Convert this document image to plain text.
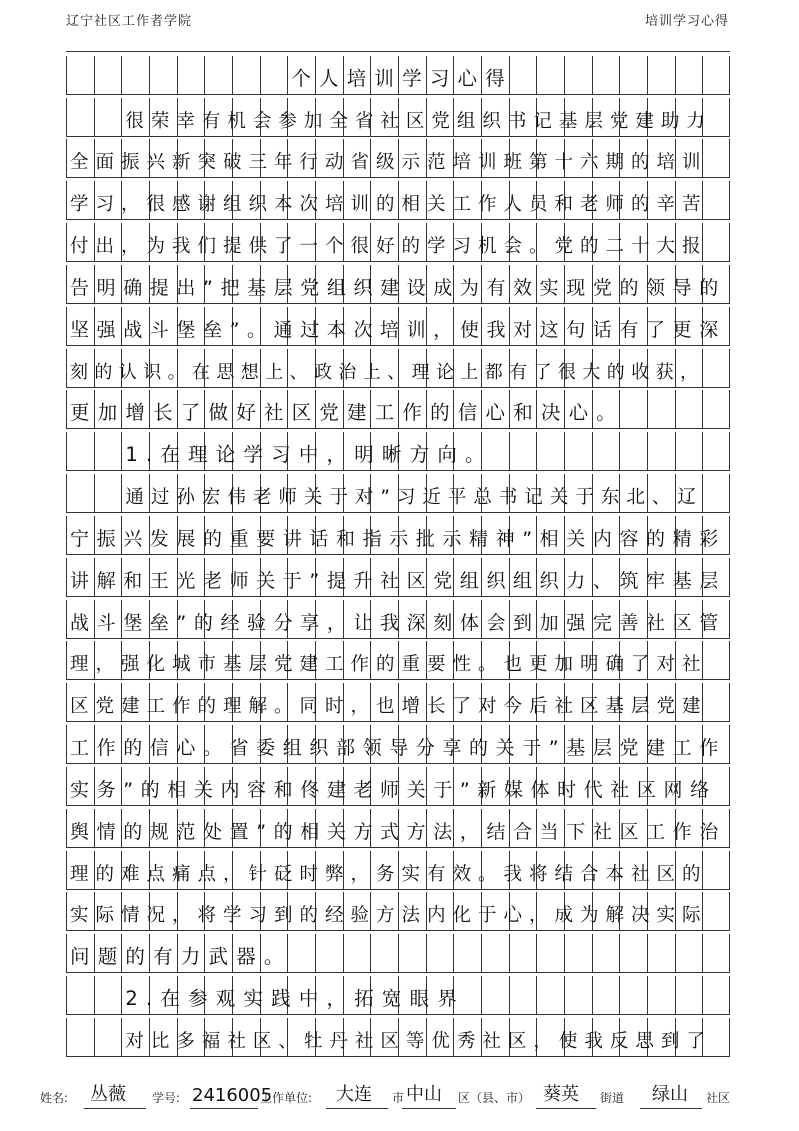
辽宁社区工作者学院	培训学习心得
个人培训学习心得
很荣幸有机会参加全省社区党组织书记基层党建助力
全面振兴新突破三年行动省级示范培训班第十六期的培训
学习，很感谢组织本次培训的相关工作人员和老师的辛苦
付出，为我们提供了一个很好的学习机会。党的二十大报
告明确提出”把基层党组织建设成为有效实现党的领导的
坚强战斗堡垒”。通过本次培训，使我对这句话有了更深
刻的认识。在思想上、政治上、理论上都有了很大的收获，
更加增长了做好社区党建工作的信心和决心。
1.在理论学习中，明晰方向。
通过孙宏伟老师关于对”习近平总书记关于东北、辽
宁振兴发展的重要讲话和指示批示精神”相关内容的精彩
讲解和王光老师关于”提升社区党组织组织力、筑牢基层
战斗堡垒”的经验分享，让我深刻体会到加强完善社区管
理，强化城市基层党建工作的重要性。也更加明确了对社
区党建工作的理解。同时，也增长了对今后社区基层党建
工作的信心。省委组织部领导分享的关于”基层党建工作
实务”的相关内容和佟建老师关于”新媒体时代社区网络
舆情的规范处置”的相关方式方法，结合当下社区工作治
理的难点痛点，针砭时弊，务实有效。我将结合本社区的
实际情况，将学习到的经验方法内化于心，成为解决实际
问题的有力武器。
2.在参观实践中，拓宽眼界
对比多福社区、牡丹社区等优秀社区，使我反思到了
姓名: 丛薇 学号: 2416005
工作单位: 大连 市 中山 区（县、市） 葵英 街道 绿山 社区
